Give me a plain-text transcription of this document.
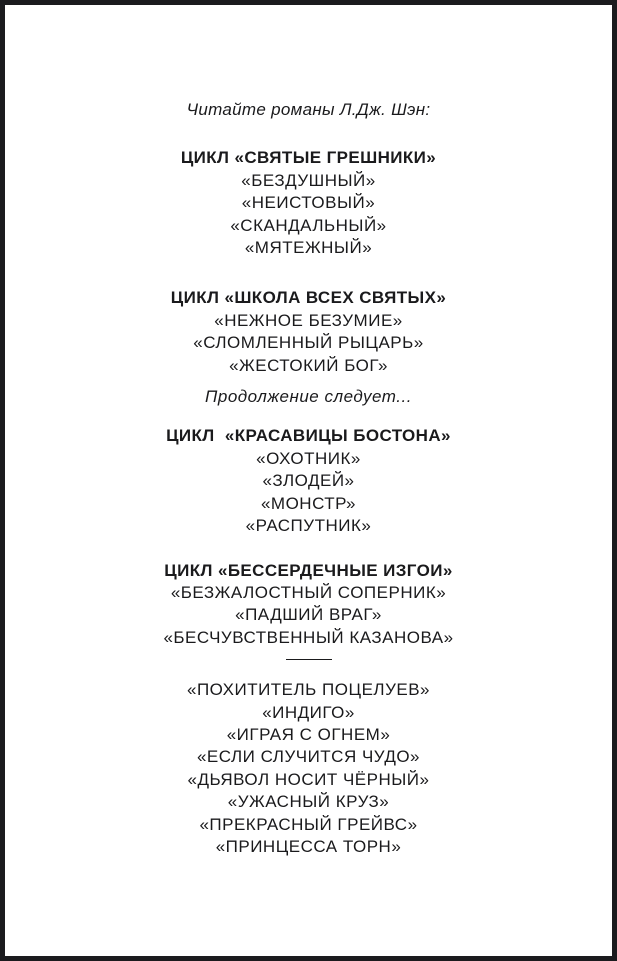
Читайте романы Л.Дж. Шэн:
ЦИКЛ «СВЯТЫЕ ГРЕШНИКИ»
«БЕЗДУШНЫЙ»
«НЕИСТОВЫЙ»
«СКАНДАЛЬНЫЙ»
«МЯТЕЖНЫЙ»
ЦИКЛ «ШКОЛА ВСЕХ СВЯТЫХ»
«НЕЖНОЕ БЕЗУМИЕ»
«СЛОМЛЕННЫЙ РЫЦАРЬ»
«ЖЕСТОКИЙ БОГ»
Продолжение следует...
ЦИКЛ  «КРАСАВИЦЫ БОСТОНА»
«ОХОТНИК»
«ЗЛОДЕЙ»
«МОНСТР»
«РАСПУТНИК»
ЦИКЛ «БЕССЕРДЕЧНЫЕ ИЗГОИ»
«БЕЗЖАЛОСТНЫЙ СОПЕРНИК»
«ПАДШИЙ ВРАГ»
«БЕСЧУВСТВЕННЫЙ КАЗАНОВА»
«ПОХИТИТЕЛЬ ПОЦЕЛУЕВ»
«ИНДИГО»
«ИГРАЯ С ОГНЕМ»
«ЕСЛИ СЛУЧИТСЯ ЧУДО»
«ДЬЯВОЛ НОСИТ ЧЁРНЫЙ»
«УЖАСНЫЙ КРУЗ»
«ПРЕКРАСНЫЙ ГРЕЙВС»
«ПРИНЦЕССА ТОРН»
